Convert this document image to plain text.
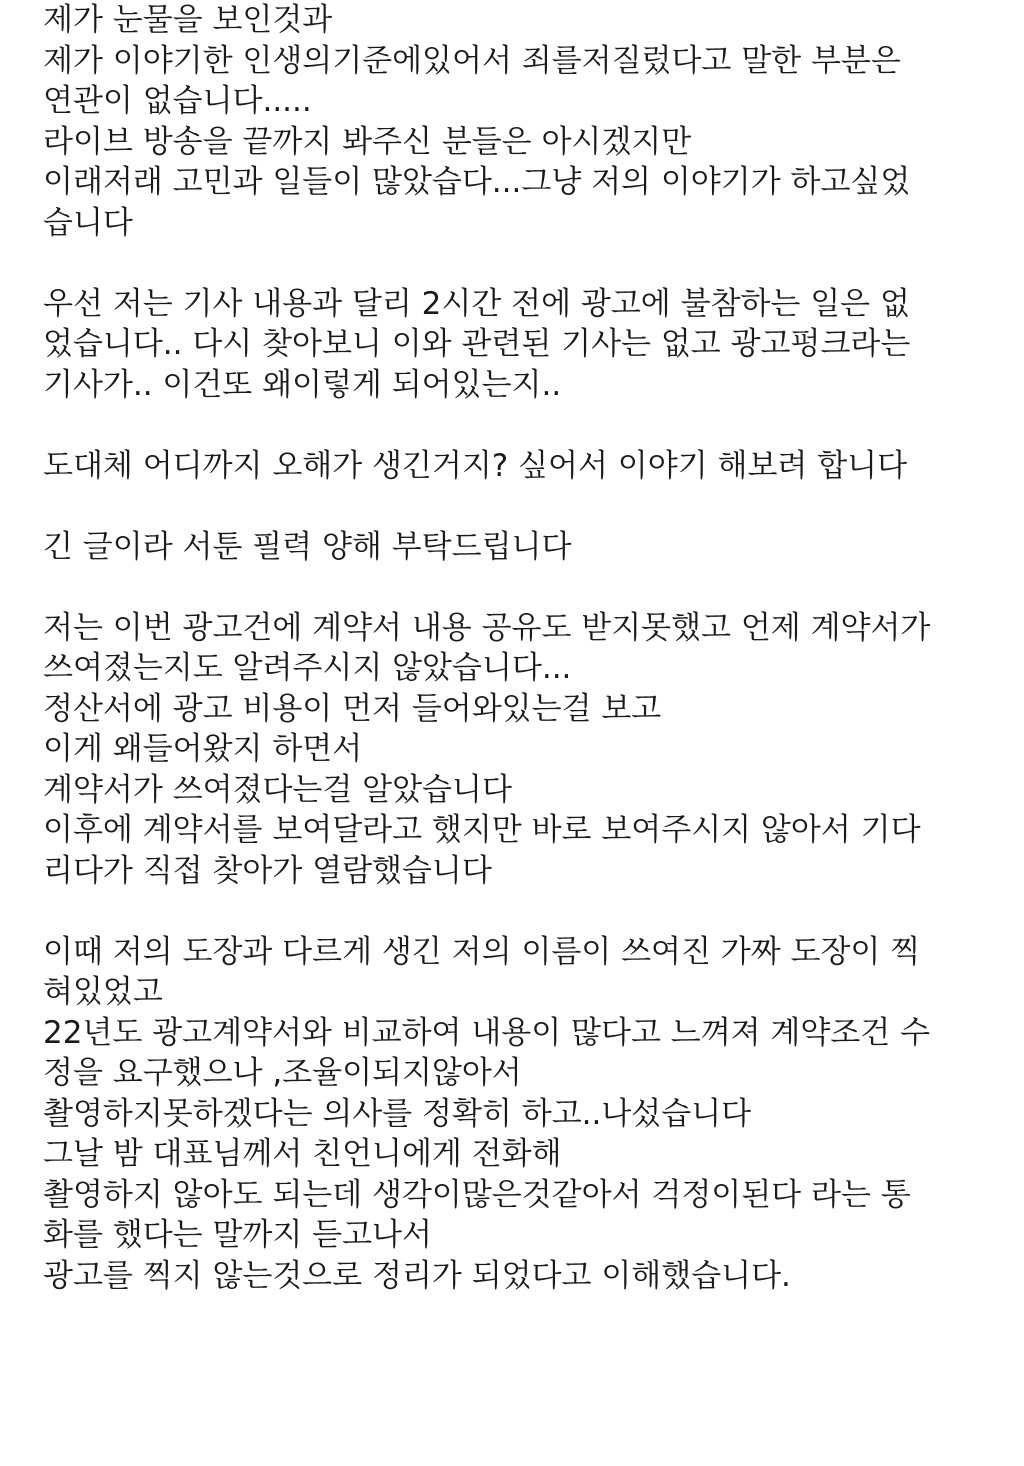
제가 눈물을 보인것과
제가 이야기한 인생의기준에있어서 죄를저질렀다고 말한 부분은
연관이 없습니다.....
라이브 방송을 끝까지 봐주신 분들은 아시겠지만
이래저래 고민과 일들이 많았습다...그냥 저의 이야기가 하고싶었
습니다
우선 저는 기사 내용과 달리 2시간 전에 광고에 불참하는 일은 없
었습니다.. 다시 찾아보니 이와 관련된 기사는 없고 광고펑크라는
기사가.. 이건또 왜이렇게 되어있는지..
도대체 어디까지 오해가 생긴거지? 싶어서 이야기 해보려 합니다
긴 글이라 서툰 필력 양해 부탁드립니다
저는 이번 광고건에 계약서 내용 공유도 받지못했고 언제 계약서가
쓰여졌는지도 알려주시지 않았습니다...
정산서에 광고 비용이 먼저 들어와있는걸 보고
이게 왜들어왔지 하면서
계약서가 쓰여졌다는걸 알았습니다
이후에 계약서를 보여달라고 했지만 바로 보여주시지 않아서 기다
리다가 직접 찾아가 열람했습니다
이때 저의 도장과 다르게 생긴 저의 이름이 쓰여진 가짜 도장이 찍
혀있었고
22년도 광고계약서와 비교하여 내용이 많다고 느껴져 계약조건 수
정을 요구했으나 ,조율이되지않아서
촬영하지못하겠다는 의사를 정확히 하고..나섰습니다
그날 밤 대표님께서 친언니에게 전화해
촬영하지 않아도 되는데 생각이많은것같아서 걱정이된다 라는 통
화를 했다는 말까지 듣고나서
광고를 찍지 않는것으로 정리가 되었다고 이해했습니다.
